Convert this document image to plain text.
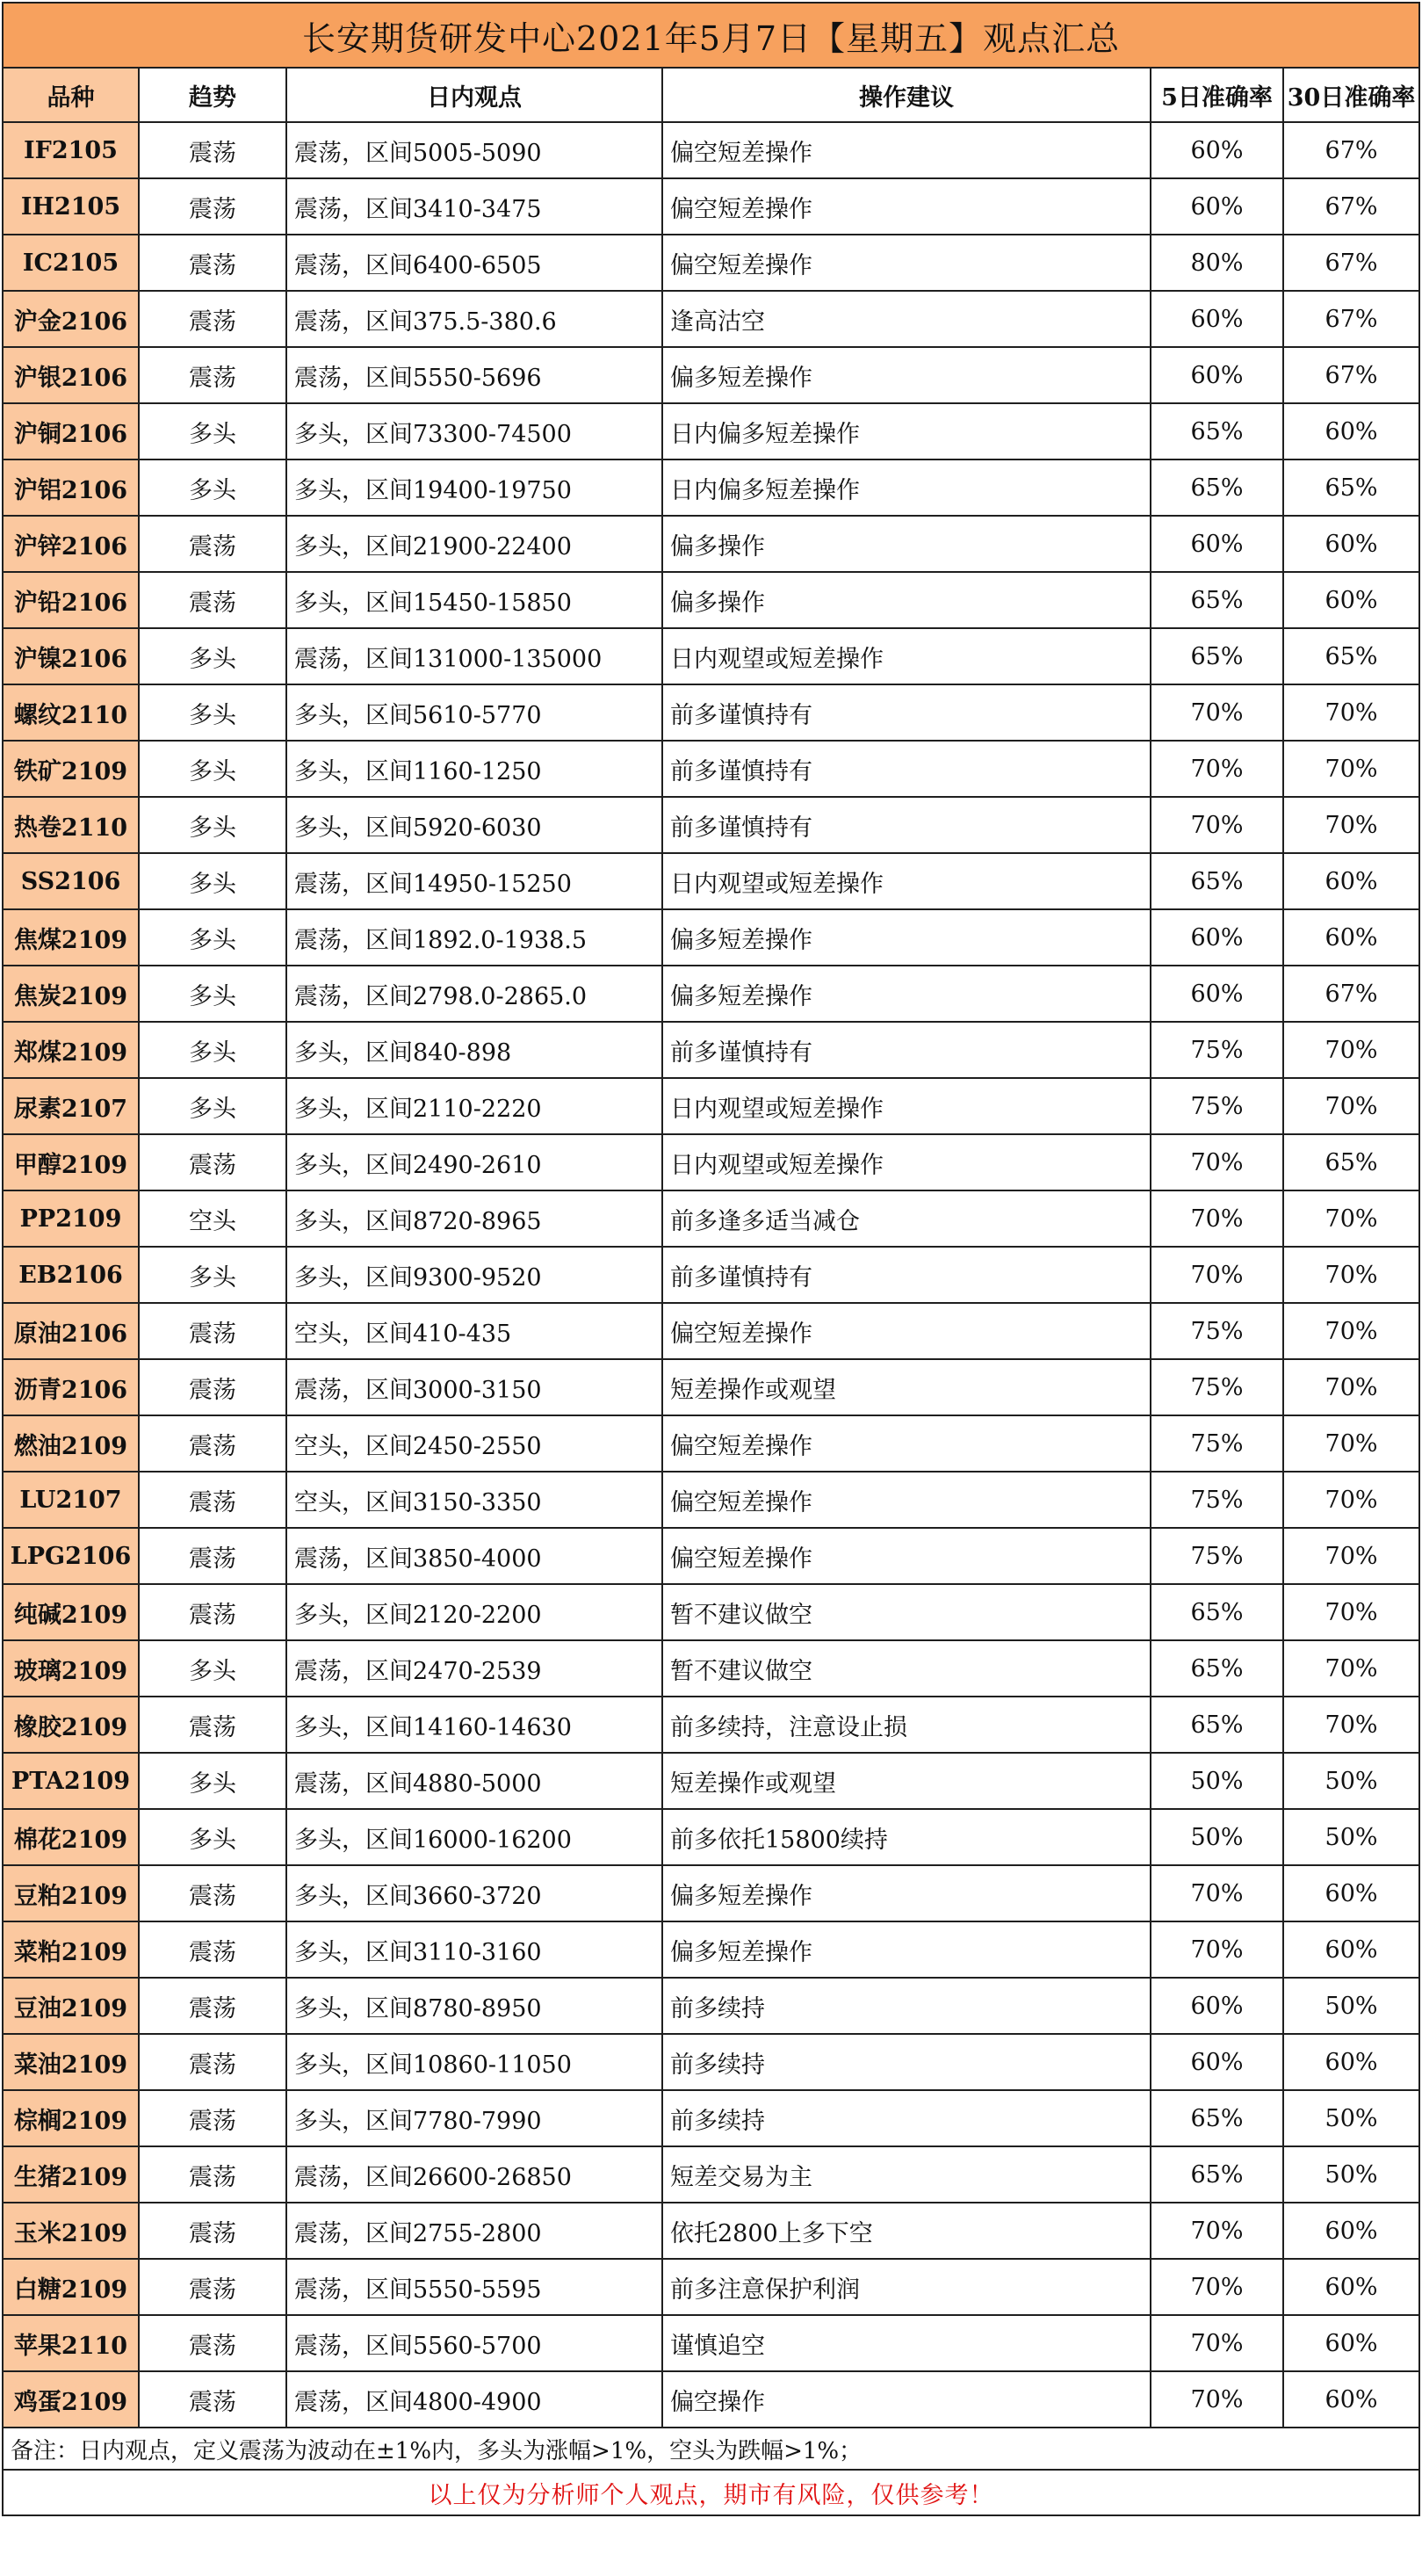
长安期货研发中心2021年5月7日【星期五】观点汇总					
品种	趋势	日内观点	操作建议	5日准确率	30日准确率
IF2105	震荡	震荡，区间5005-5090	偏空短差操作	60%	67%
IH2105	震荡	震荡，区间3410-3475	偏空短差操作	60%	67%
IC2105	震荡	震荡，区间6400-6505	偏空短差操作	80%	67%
沪金2106	震荡	震荡，区间375.5-380.6	逢高沽空	60%	67%
沪银2106	震荡	震荡，区间5550-5696	偏多短差操作	60%	67%
沪铜2106	多头	多头，区间73300-74500	日内偏多短差操作	65%	60%
沪铝2106	多头	多头，区间19400-19750	日内偏多短差操作	65%	65%
沪锌2106	震荡	多头，区间21900-22400	偏多操作	60%	60%
沪铅2106	震荡	多头，区间15450-15850	偏多操作	65%	60%
沪镍2106	多头	震荡，区间131000-135000	日内观望或短差操作	65%	65%
螺纹2110	多头	多头，区间5610-5770	前多谨慎持有	70%	70%
铁矿2109	多头	多头，区间1160-1250	前多谨慎持有	70%	70%
热卷2110	多头	多头，区间5920-6030	前多谨慎持有	70%	70%
SS2106	多头	震荡，区间14950-15250	日内观望或短差操作	65%	60%
焦煤2109	多头	震荡，区间1892.0-1938.5	偏多短差操作	60%	60%
焦炭2109	多头	震荡，区间2798.0-2865.0	偏多短差操作	60%	67%
郑煤2109	多头	多头，区间840-898	前多谨慎持有	75%	70%
尿素2107	多头	多头，区间2110-2220	日内观望或短差操作	75%	70%
甲醇2109	震荡	多头，区间2490-2610	日内观望或短差操作	70%	65%
PP2109	空头	多头，区间8720-8965	前多逢多适当减仓	70%	70%
EB2106	多头	多头，区间9300-9520	前多谨慎持有	70%	70%
原油2106	震荡	空头，区间410-435	偏空短差操作	75%	70%
沥青2106	震荡	震荡，区间3000-3150	短差操作或观望	75%	70%
燃油2109	震荡	空头，区间2450-2550	偏空短差操作	75%	70%
LU2107	震荡	空头，区间3150-3350	偏空短差操作	75%	70%
LPG2106	震荡	震荡，区间3850-4000	偏空短差操作	75%	70%
纯碱2109	震荡	多头，区间2120-2200	暂不建议做空	65%	70%
玻璃2109	多头	震荡，区间2470-2539	暂不建议做空	65%	70%
橡胶2109	震荡	多头，区间14160-14630	前多续持，注意设止损	65%	70%
PTA2109	多头	震荡，区间4880-5000	短差操作或观望	50%	50%
棉花2109	多头	多头，区间16000-16200	前多依托15800续持	50%	50%
豆粕2109	震荡	多头，区间3660-3720	偏多短差操作	70%	60%
菜粕2109	震荡	多头，区间3110-3160	偏多短差操作	70%	60%
豆油2109	震荡	多头，区间8780-8950	前多续持	60%	50%
菜油2109	震荡	多头，区间10860-11050	前多续持	60%	60%
棕榈2109	震荡	多头，区间7780-7990	前多续持	65%	50%
生猪2109	震荡	震荡，区间26600-26850	短差交易为主	65%	50%
玉米2109	震荡	震荡，区间2755-2800	依托2800上多下空	70%	60%
白糖2109	震荡	震荡，区间5550-5595	前多注意保护利润	70%	60%
苹果2110	震荡	震荡，区间5560-5700	谨慎追空	70%	60%
鸡蛋2109	震荡	震荡，区间4800-4900	偏空操作	70%	60%
备注：日内观点，定义震荡为波动在±1%内，多头为涨幅>1%，空头为跌幅>1%；					
以上仅为分析师个人观点，期市有风险，仅供参考！					
